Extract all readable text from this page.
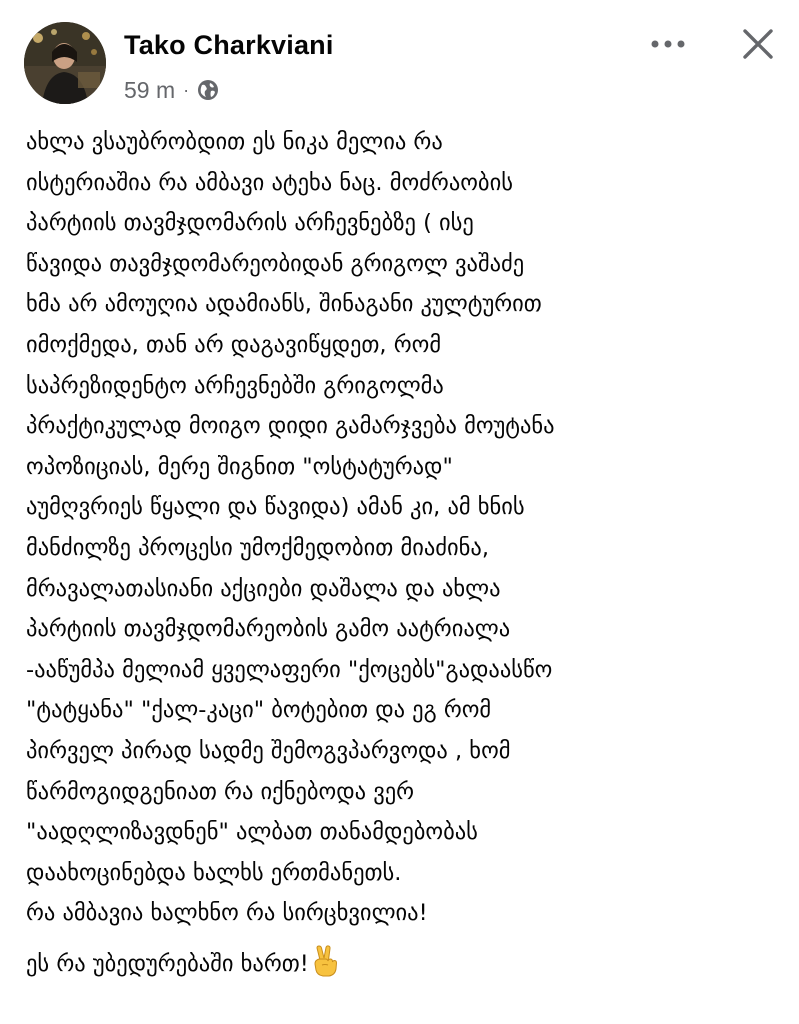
Tako Charkviani
59 m ·
ახლა ვსაუბრობდით ეს ნიკა მელია რა
ისტერიაშია რა ამბავი ატეხა ნაც. მოძრაობის
პარტიის თავმჯდომარის არჩევნებზე ( ისე
წავიდა თავმჯდომარეობიდან გრიგოლ ვაშაძე
ხმა არ ამოუღია ადამიანს, შინაგანი კულტურით
იმოქმედა, თან არ დაგავიწყდეთ, რომ
საპრეზიდენტო არჩევნებში გრიგოლმა
პრაქტიკულად მოიგო დიდი გამარჯვება მოუტანა
ოპოზიციას, მერე შიგნით "ოსტატურად"
აუმღვრიეს წყალი და წავიდა) ამან კი, ამ ხნის
მანძილზე პროცესი უმოქმედობით მიაძინა,
მრავალათასიანი აქციები დაშალა და ახლა
პარტიის თავმჯდომარეობის გამო აატრიალა
-ააწუმპა მელიამ ყველაფერი "ქოცებს"გადაასწო
"ტატყანა" "ქალ-კაცი" ბოტებით და ეგ რომ
პირველ პირად სადმე შემოგვპარვოდა , ხომ
წარმოგიდგენიათ რა იქნებოდა ვერ
"აადღლიზავდნენ" ალბათ თანამდებობას
დაახოცინებდა ხალხს ერთმანეთს.
რა ამბავია ხალხნო რა სირცხვილია!
ეს რა უბედურებაში ხართ!
